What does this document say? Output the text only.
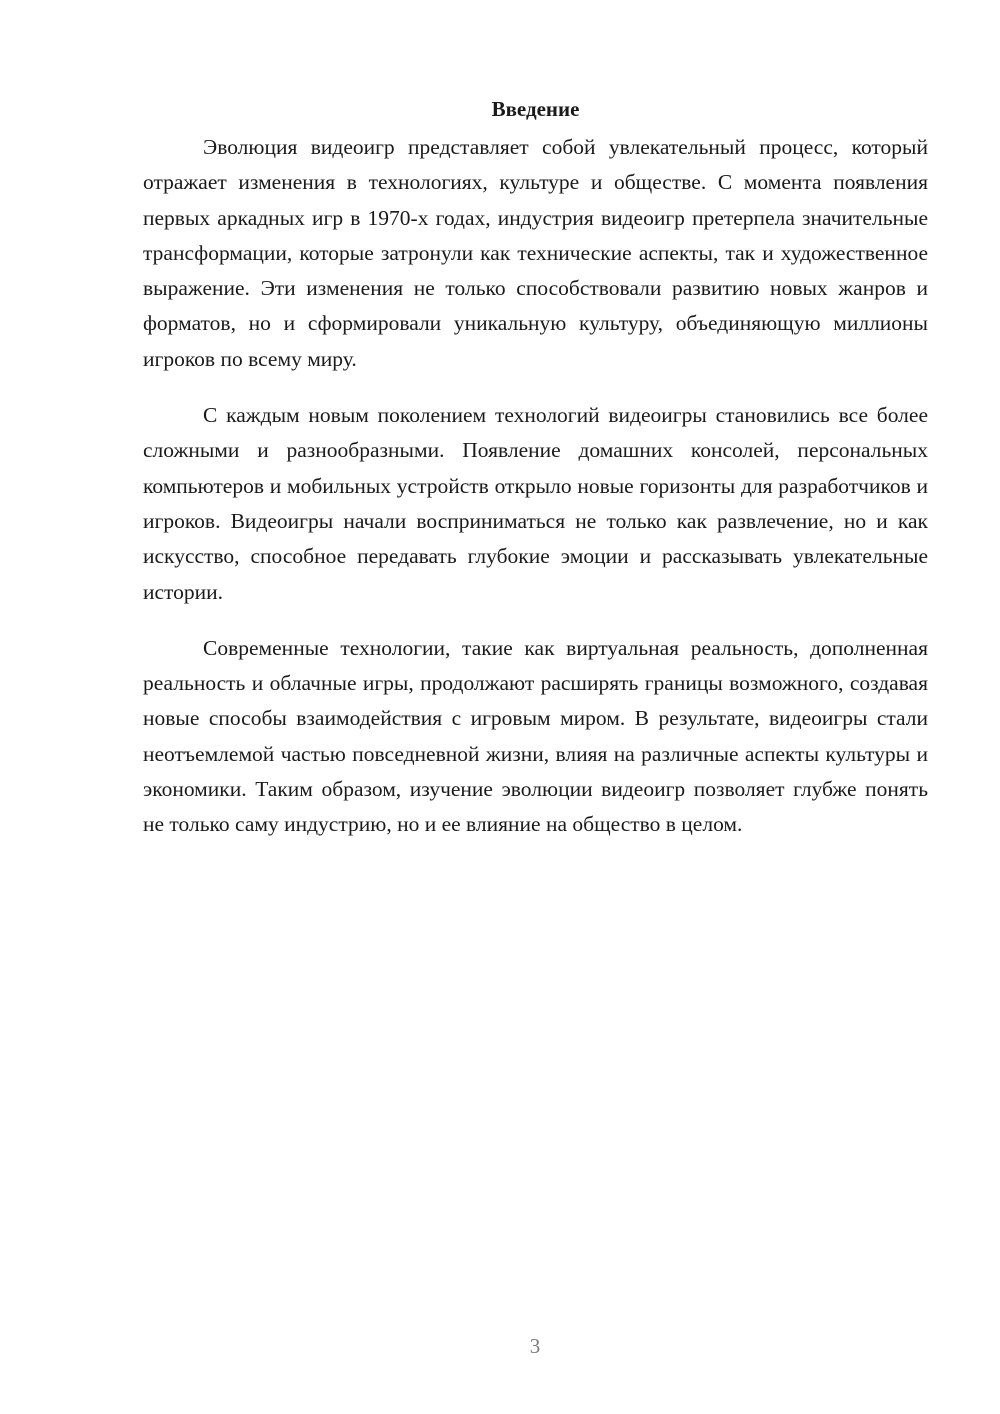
Введение

Эволюция видеоигр представляет собой увлекательный процесс, который отражает изменения в технологиях, культуре и обществе. С момента появления первых аркадных игр в 1970-х годах, индустрия видеоигр претерпела значительные трансформации, которые затронули как технические аспекты, так и художественное выражение. Эти изменения не только способствовали развитию новых жанров и форматов, но и сформировали уникальную культуру, объединяющую миллионы игроков по всему миру.

С каждым новым поколением технологий видеоигры становились все более сложными и разнообразными. Появление домашних консолей, персональных компьютеров и мобильных устройств открыло новые горизонты для разработчиков и игроков. Видеоигры начали восприниматься не только как развлечение, но и как искусство, способное передавать глубокие эмоции и рассказывать увлекательные истории.

Современные технологии, такие как виртуальная реальность, дополненная реальность и облачные игры, продолжают расширять границы возможного, создавая новые способы взаимодействия с игровым миром. В результате, видеоигры стали неотъемлемой частью повседневной жизни, влияя на различные аспекты культуры и экономики. Таким образом, изучение эволюции видеоигр позволяет глубже понять не только саму индустрию, но и ее влияние на общество в целом.

3
